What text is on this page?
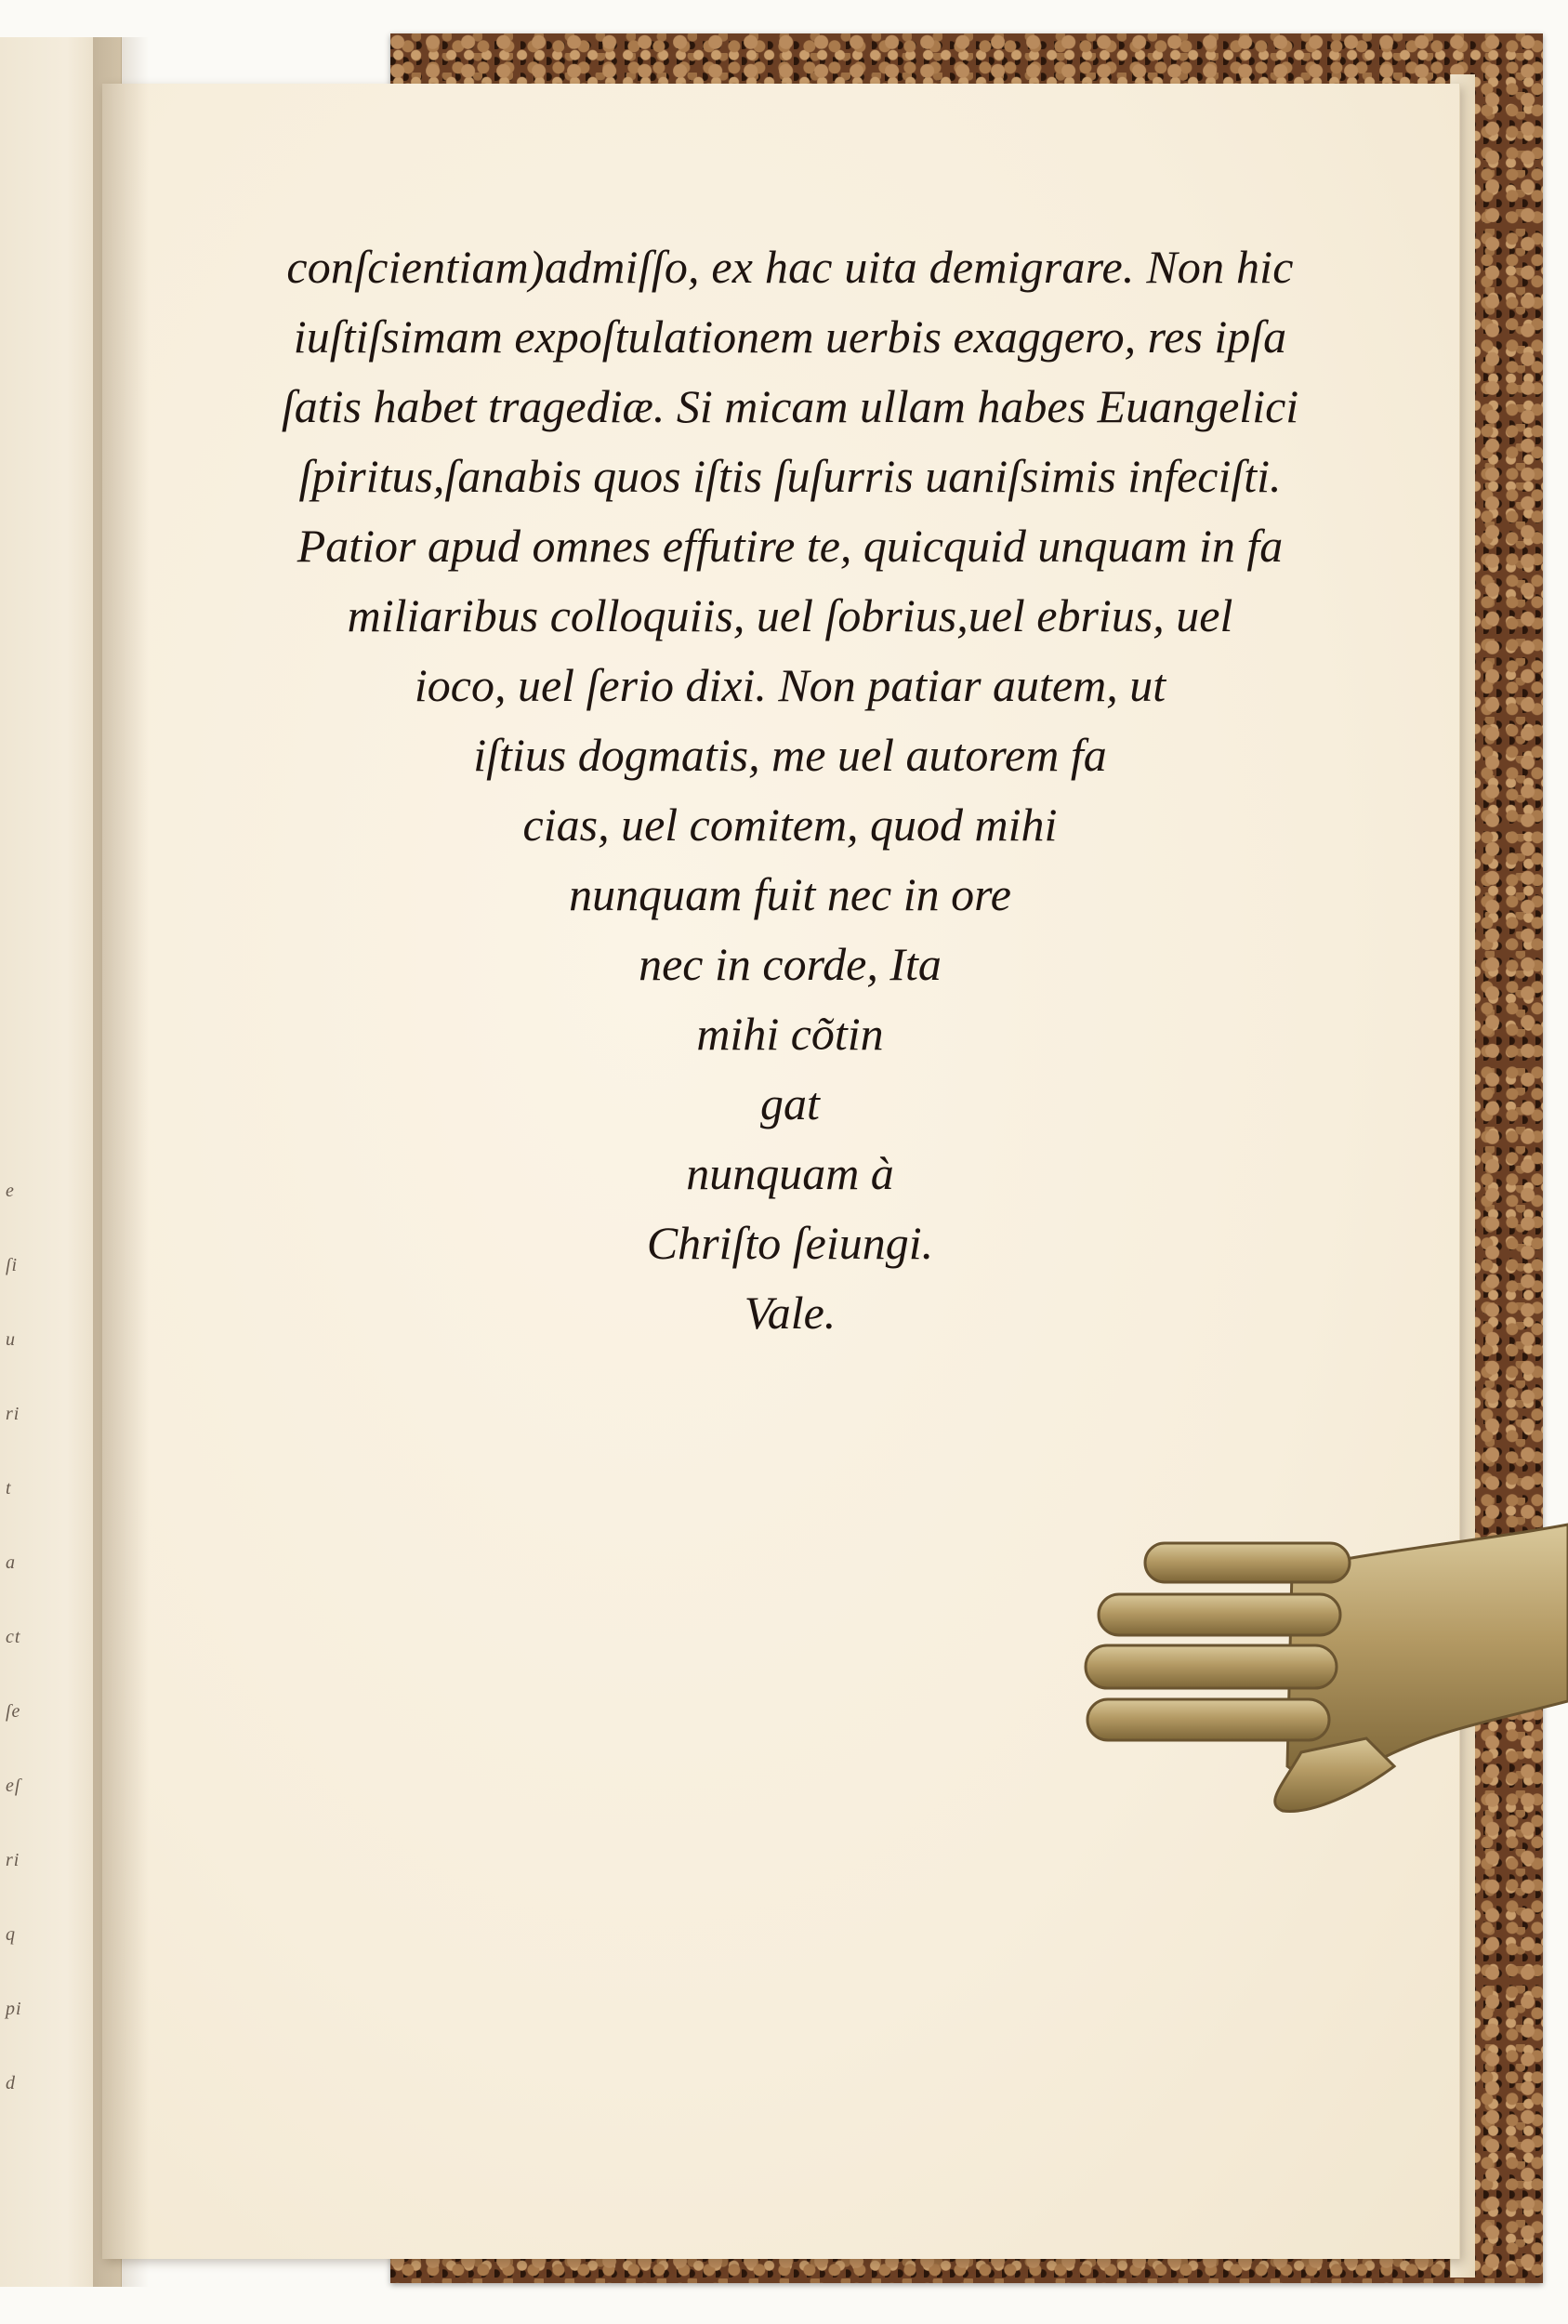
e
ſi
u
ri
t
a
ct
ſe
eſ
ri
q
pi
d
conſcientiam)admiſſo, ex hac uita demigrare. Non hic
iuſtiſsimam expoſtulationem uerbis exaggero, res ipſa
ſatis habet tragediæ. Si micam ullam habes Euangelici
ſpiritus,ſanabis quos iſtis ſuſurris uaniſsimis infeciſti.
Patior apud omnes effutire te, quicquid unquam in fa
miliaribus colloquiis, uel ſobrius,uel ebrius, uel
ioco, uel ſerio dixi. Non patiar autem, ut
iſtius dogmatis, me uel autorem fa
cias, uel comitem, quod mihi
nunquam fuit nec in ore
nec in corde, Ita
mihi cõtin
gat
nunquam à
Chriſto ſeiungi.
Vale.
